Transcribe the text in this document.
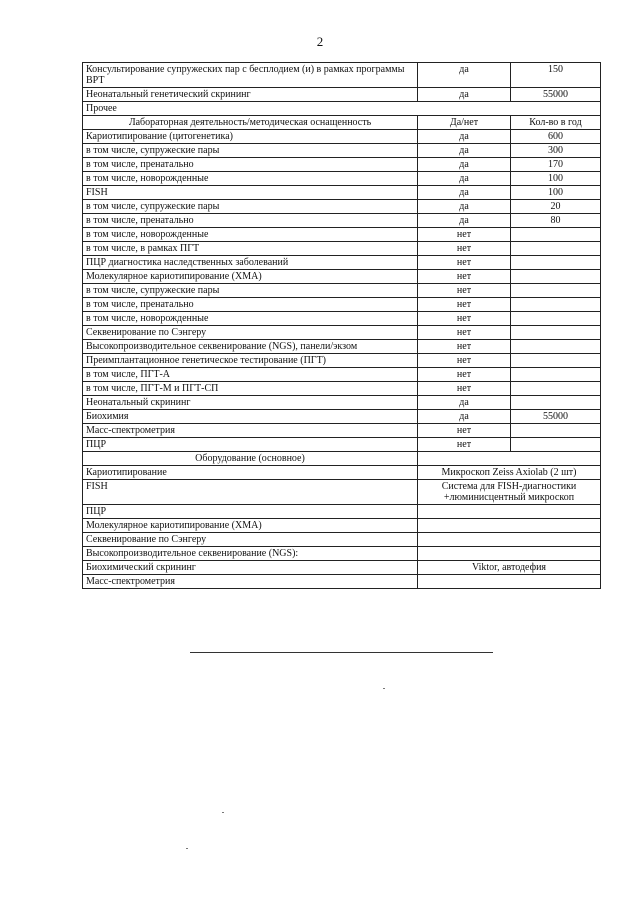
2
Консультирование супружеских пар с бесплодием (и) в рамках программы ВРТ	да	150
Неонатальный генетический скрининг	да	55000
Прочее		
Лабораторная деятельность/методическая оснащенность	Да/нет	Кол-во в год
Кариотипирование (цитогенетика)	да	600
в том числе, супружеские пары	да	300
в том числе, пренатально	да	170
в том числе, новорожденные	да	100
FISH	да	100
в том числе, супружеские пары	да	20
в том числе, пренатально	да	80
в том числе, новорожденные	нет	
в том числе, в рамках ПГТ	нет	
ПЦР диагностика наследственных заболеваний	нет	
Молекулярное кариотипирование (ХМА)	нет	
в том числе, супружеские пары	нет	
в том числе, пренатально	нет	
в том числе, новорожденные	нет	
Секвенирование по Сэнгеру	нет	
Высокопроизводительное секвенирование (NGS), панели/экзом	нет	
Преимплантационное генетическое тестирование (ПГТ)	нет	
в том числе, ПГТ-А	нет	
в том числе, ПГТ-М и ПГТ-СП	нет	
Неонатальный скрининг	да	
Биохимия	да	55000
Масс-спектрометрия	нет	
ПЦР	нет	
Оборудование (основное)		
Кариотипирование	Микроскоп Zeiss Axiolab (2 шт)	
FISH	Система для FISH-диагностики +люминисцентный микроскоп	
ПЦР		
Молекулярное кариотипирование (ХМА)		
Секвенирование по Сэнгеру		
Высокопроизводительное секвенирование (NGS):		
Биохимический скрининг	Viktor, автодефия	
Масс-спектрометрия		
